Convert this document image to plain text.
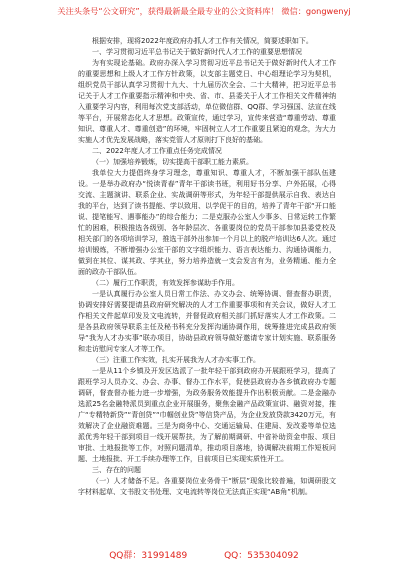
关注头条号“公文研究”，获得最新最全最专业的公文资料库！ 微信：gongwenyj

根据安排，现将2022年度政府办抓人才工作有关情况，简要述职如下。

一、学习贯彻习近平总书记关于做好新时代人才工作的重要思想情况

为有实现论基础。政府办深入学习贯彻习近平总书记关于做好新时代人才工作的重要思想和上级人才工作方针政策，以支部主题党日、中心组理论学习为契机，组织党员干部认真学习贯彻十九大、十九届历次全会、二十大精神，把习近平总书记关于人才工作重要指示精神和中央、省、市、县委关于人才工作相关文件精神纳入重要学习内容，利用每次党支部活动，单位微信群、QQ群、学习强国、法宣在线等平台，开展常态化人才思想。政策宣传，通过学习，宣传来营造“尊重劳动、尊重知识、尊重人才、尊重创造”的环境，牢固树立人才工作重要且紧迫的观念，为大力实施人才优先发展战略，落实党管人才原则打下良好的基础。

二、2022年度人才工作重点任务完成情况

（一）加强培养锻炼，切实提高干部职工能力素质。

我单位大力提倡终身学习理念，尊重知识、尊重人才，不断加强干部队伍建设。一是举办政府办“悦读青春”青年干部读书班，利用好书分享、户外拓展，心得交流、主题演讲、联系企业、实战调研等形式，为年轻干部提供展示自我、表达自我的平台，达到了读书提能、学以致用、以学促干的目的，培养了青年干部“开口能说、提笔能写、遇事能办”的综合能力；二是克服办公室人少事多、日常运转工作繁忙的困难，积极推选各级别、各年龄层次、各重要岗位的党员干部参加县委党校及相关部门的各项培训学习，推选干部外出参加一个月以上的脱产培训达6人次。通过培训锻炼，不断增强办公室干部的文字组织能力、语言表达能力、沟通协调能力，做到在其位、谋其政、学其业，努力培养造就一支会发言有为，业务精通、能力全面的政办干部队伍。

（二）履行工作职责，有效发挥参谋助手作用。

一是认真履行办公室人员日常工作法、办文办会、统筹协调、督查督办职责，协调安排好需要提请县政府研究解决的人才工作重要事项和有关会议，做好人才工作相关文件起草印发及文电流转，并督促政府相关部门抓好落实人才工作政策。二是各县政府领导联系主任及秘书科充分发挥沟通协调作用，统筹推进完成县政府领导“我为人才办实事”联办项目，协助县政府领导做好邀请专家计划实施、联系服务和走访慰问专家人才等工作。

（三）注重工作实效，扎实开展我为人才办实事工作。

一是从11个乡镇及开发区选派了一批年轻干部到政府办开展跟班学习，提高了跟班学习人员办文、办会、办事、督办工作水平，促使县政府办各乡镇政府办专题调研，督查督办能力进一步增强，为政务服务效能提升作出积极贡献。二是金融办选派25名金融特派员到重点企业开展服务，聚焦金融产品政策宣讲、融资对接，推广“专精特新贷”“青创贷”“巾帼创业贷”等信贷产品，为企业发放贷款3420万元，有效解决了企业融资难题。三是为商务中心、交通运输局、住建局、发改委等单位选派优秀年轻干部到项目一线开展帮扶，为了解前期调研、中省补助资金申报、项目审批、土地报批等工作，对照问题清单，推动项目落地，协调解决前期工作短板问题、土地报批、开工手续办理等工作，目前项目已实现实质性开工。

三、存在的问题

（一）人才储备不足。各重要岗位业务骨干“断层”现象比较普遍，如调研股文字材料起草、文书股文书处理、文电流转等岗位无法真正实现“AB角”机制。

QQ群：31991489	QQ：535304092
